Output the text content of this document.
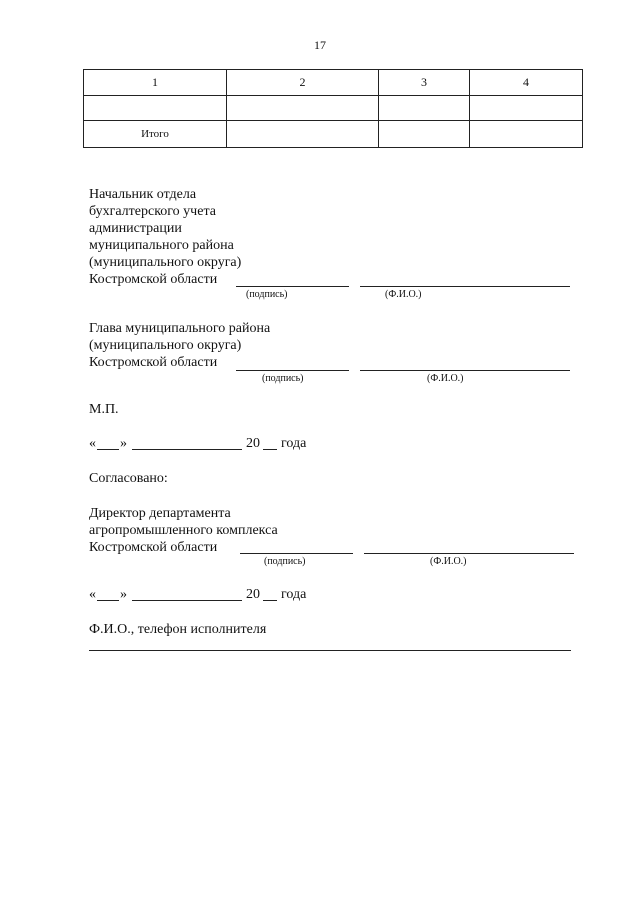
17
1	2	3	4

Итого			
Начальник отдела
бухгалтерского учета
администрации
муниципального района
(муниципального округа)
Костромской области
(подпись)	(Ф.И.О.)
Глава муниципального района
(муниципального округа)
Костромской области
(подпись)	(Ф.И.О.)
М.П.
« »	20 года
Согласовано:
Директор департамента
агропромышленного комплекса
Костромской области
(подпись)	(Ф.И.О.)
« »	20 года
Ф.И.О., телефон исполнителя
